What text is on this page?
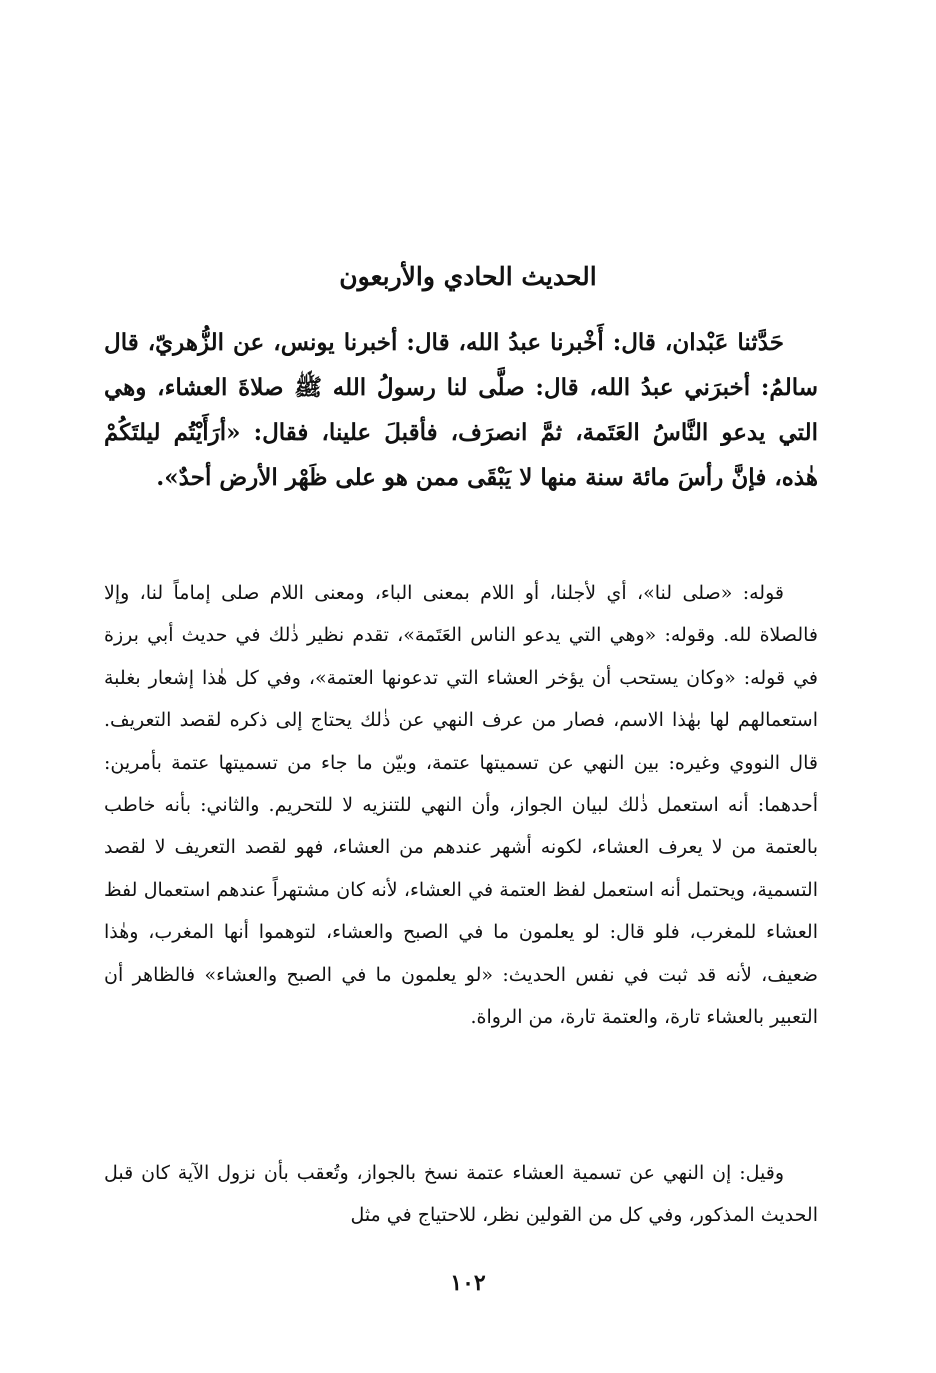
الحديث الحادي والأربعون

حَدَّثنا عَبْدان، قال: أَخْبرنا عبدُ الله، قال: أخبرنا يونس، عن الزُّهريّ، قال سالمُ: أخبرَني عبدُ الله، قال: صلَّى لنا رسولُ الله ﷺ صلاةَ العشاء، وهي التي يدعو النَّاسُ العَتَمة، ثمَّ انصرَف، فأقبلَ علينا، فقال: «أرَأَيْتُم ليلتَكُمْ هٰذه، فإنَّ رأسَ مائة سنة منها لا يَبْقَى ممن هو على ظَهْر الأرض أحدٌ».

قوله: «صلى لنا»، أي لأجلنا، أو اللام بمعنى الباء، ومعنى اللام صلى إماماً لنا، وإلا فالصلاة لله. وقوله: «وهي التي يدعو الناس العَتَمة»، تقدم نظير ذٰلك في حديث أبي برزة في قوله: «وكان يستحب أن يؤخر العشاء التي تدعونها العتمة»، وفي كل هٰذا إشعار بغلبة استعمالهم لها بهٰذا الاسم، فصار من عرف النهي عن ذٰلك يحتاج إلى ذكره لقصد التعريف. قال النووي وغيره: بين النهي عن تسميتها عتمة، وبيّن ما جاء من تسميتها عتمة بأمرين: أحدهما: أنه استعمل ذٰلك لبيان الجواز، وأن النهي للتنزيه لا للتحريم. والثاني: بأنه خاطب بالعتمة من لا يعرف العشاء، لكونه أشهر عندهم من العشاء، فهو لقصد التعريف لا لقصد التسمية، ويحتمل أنه استعمل لفظ العتمة في العشاء، لأنه كان مشتهراً عندهم استعمال لفظ العشاء للمغرب، فلو قال: لو يعلمون ما في الصبح والعشاء، لتوهموا أنها المغرب، وهٰذا ضعيف، لأنه قد ثبت في نفس الحديث: «لو يعلمون ما في الصبح والعشاء» فالظاهر أن التعبير بالعشاء تارة، والعتمة تارة، من الرواة.

وقيل: إن النهي عن تسمية العشاء عتمة نسخ بالجواز، وتُعقب بأن نزول الآية كان قبل الحديث المذكور، وفي كل من القولين نظر، للاحتياج في مثل

١٠٢
